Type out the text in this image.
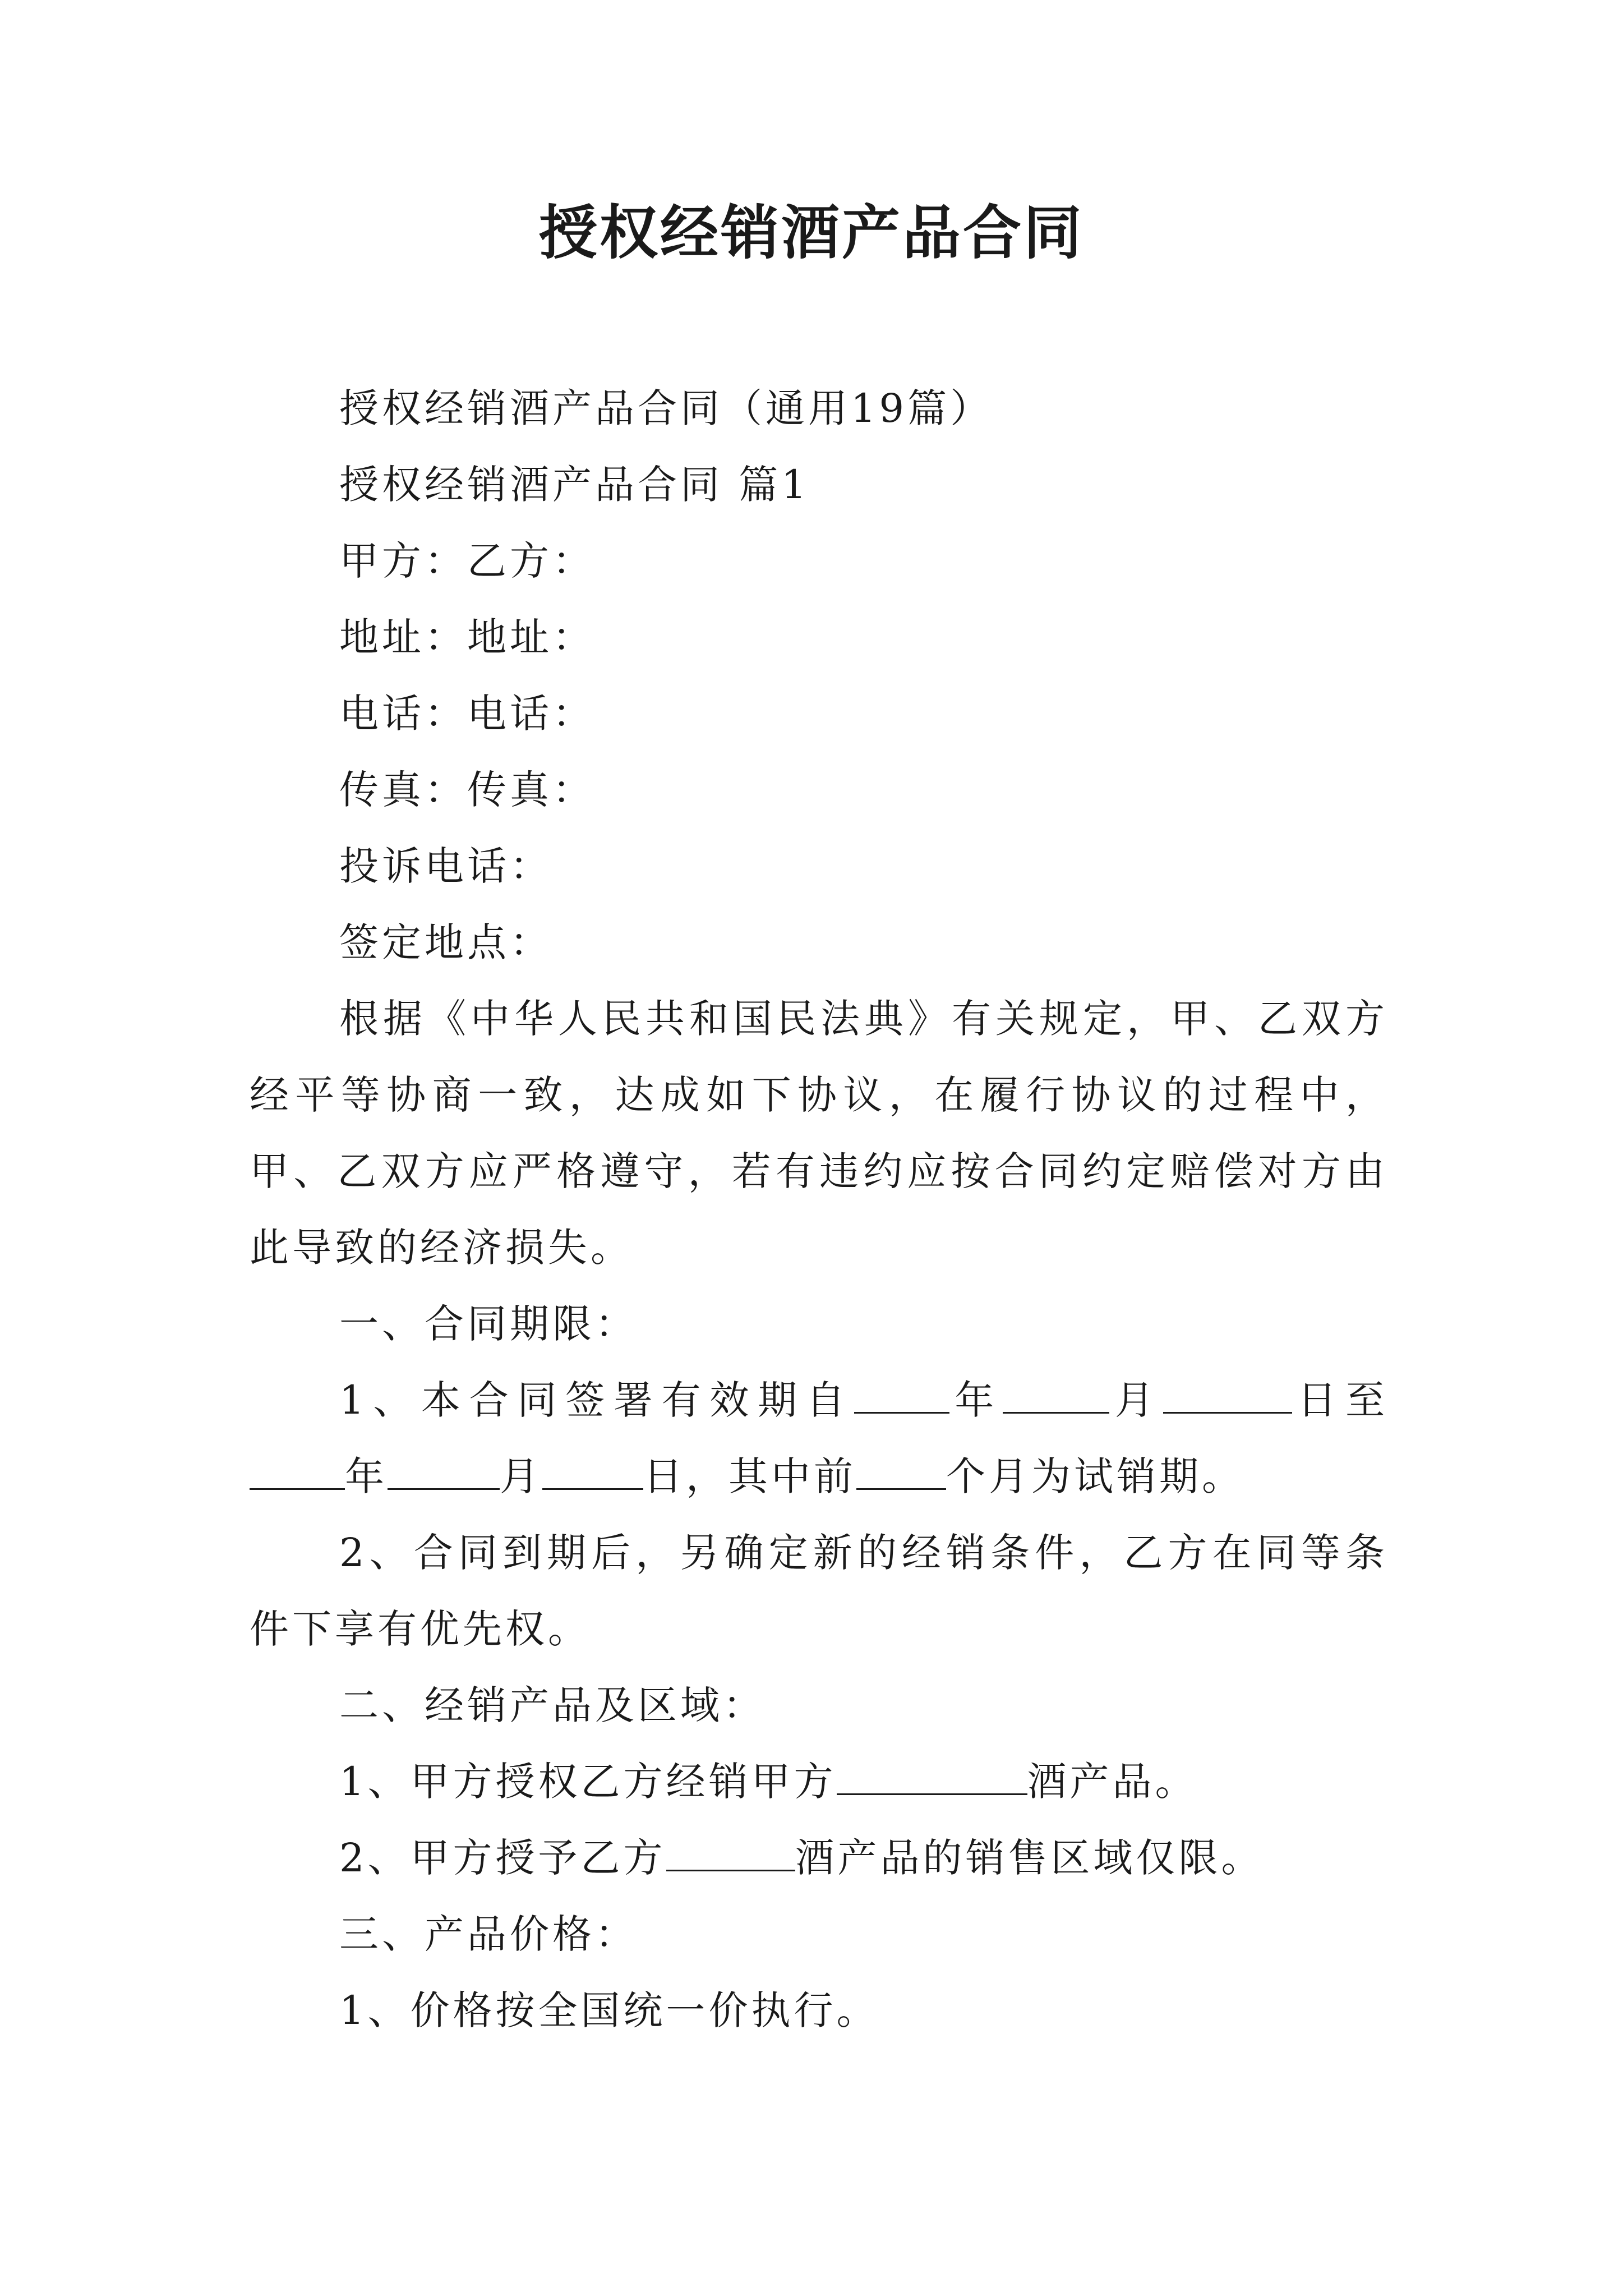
授权经销酒产品合同

授权经销酒产品合同（通用19篇）

授权经销酒产品合同 篇1

甲方：乙方：

地址：地址：

电话：电话：

传真：传真：

投诉电话：

签定地点：

根据《中华人民共和国民法典》有关规定，甲、乙双方经平等协商一致，达成如下协议，在履行协议的过程中，甲、乙双方应严格遵守，若有违约应按合同约定赔偿对方由此导致的经济损失。

一、合同期限：

1、本合同签署有效期自 年	月	日至年	月	日，其中前 个月为试销期。

2、合同到期后，另确定新的经销条件，乙方在同等条件下享有优先权。

二、经销产品及区域：

1、甲方授权乙方经销甲方	酒产品。

2、甲方授予乙方	酒产品的销售区域仅限。

三、产品价格：

1、价格按全国统一价执行。
